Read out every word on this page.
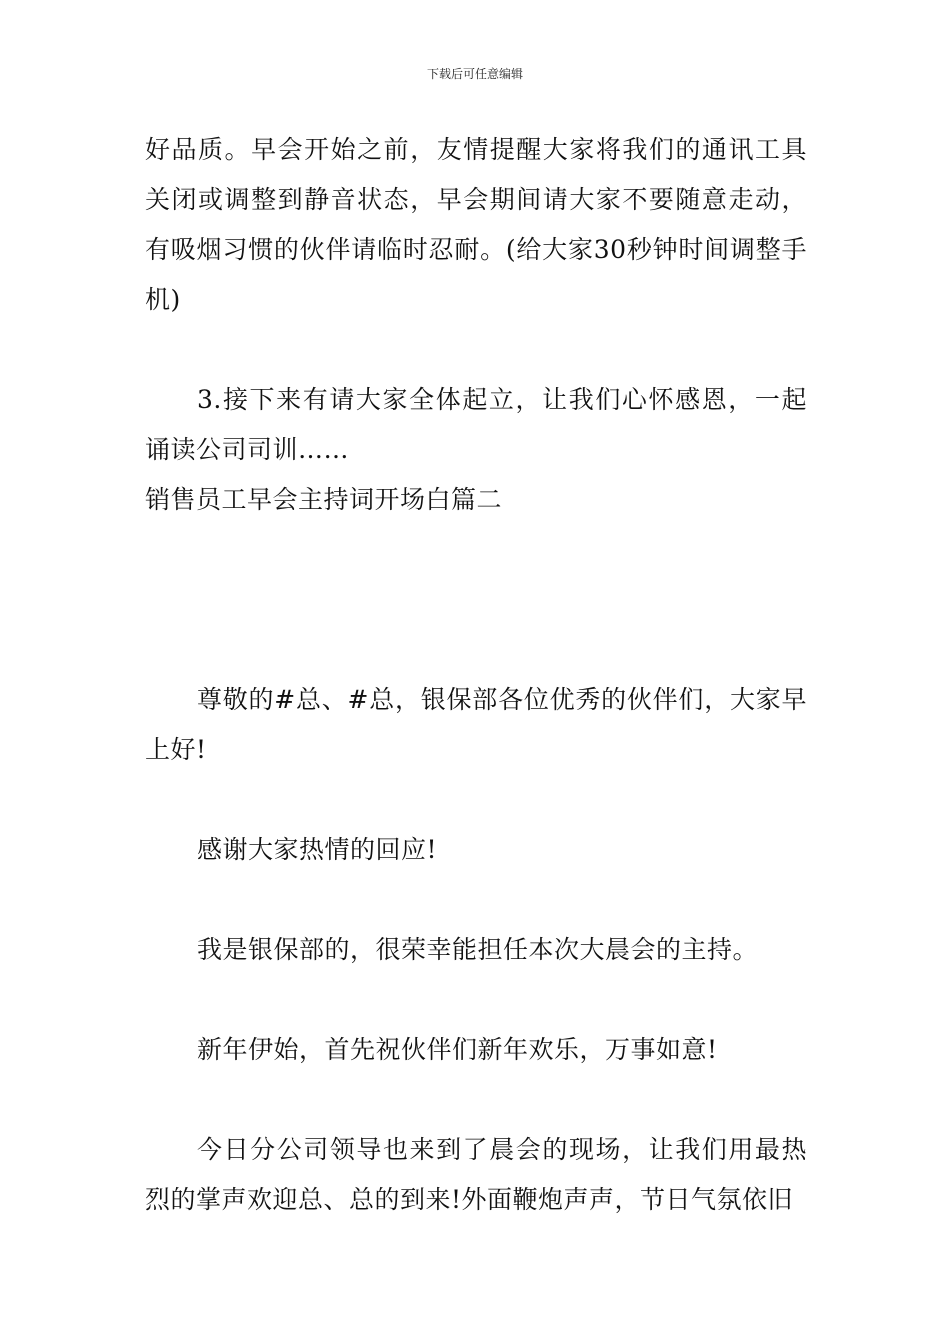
下载后可任意编辑

好品质。早会开始之前，友情提醒大家将我们的通讯工具关闭或调整到静音状态，早会期间请大家不要随意走动，有吸烟习惯的伙伴请临时忍耐。(给大家30秒钟时间调整手机)

3.接下来有请大家全体起立，让我们心怀感恩，一起诵读公司司训……

销售员工早会主持词开场白篇二

尊敬的#总、#总，银保部各位优秀的伙伴们，大家早上好!

感谢大家热情的回应!

我是银保部的，很荣幸能担任本次大晨会的主持。

新年伊始，首先祝伙伴们新年欢乐，万事如意!

今日分公司领导也来到了晨会的现场，让我们用最热烈的掌声欢迎总、总的到来!外面鞭炮声声，节日气氛依旧
